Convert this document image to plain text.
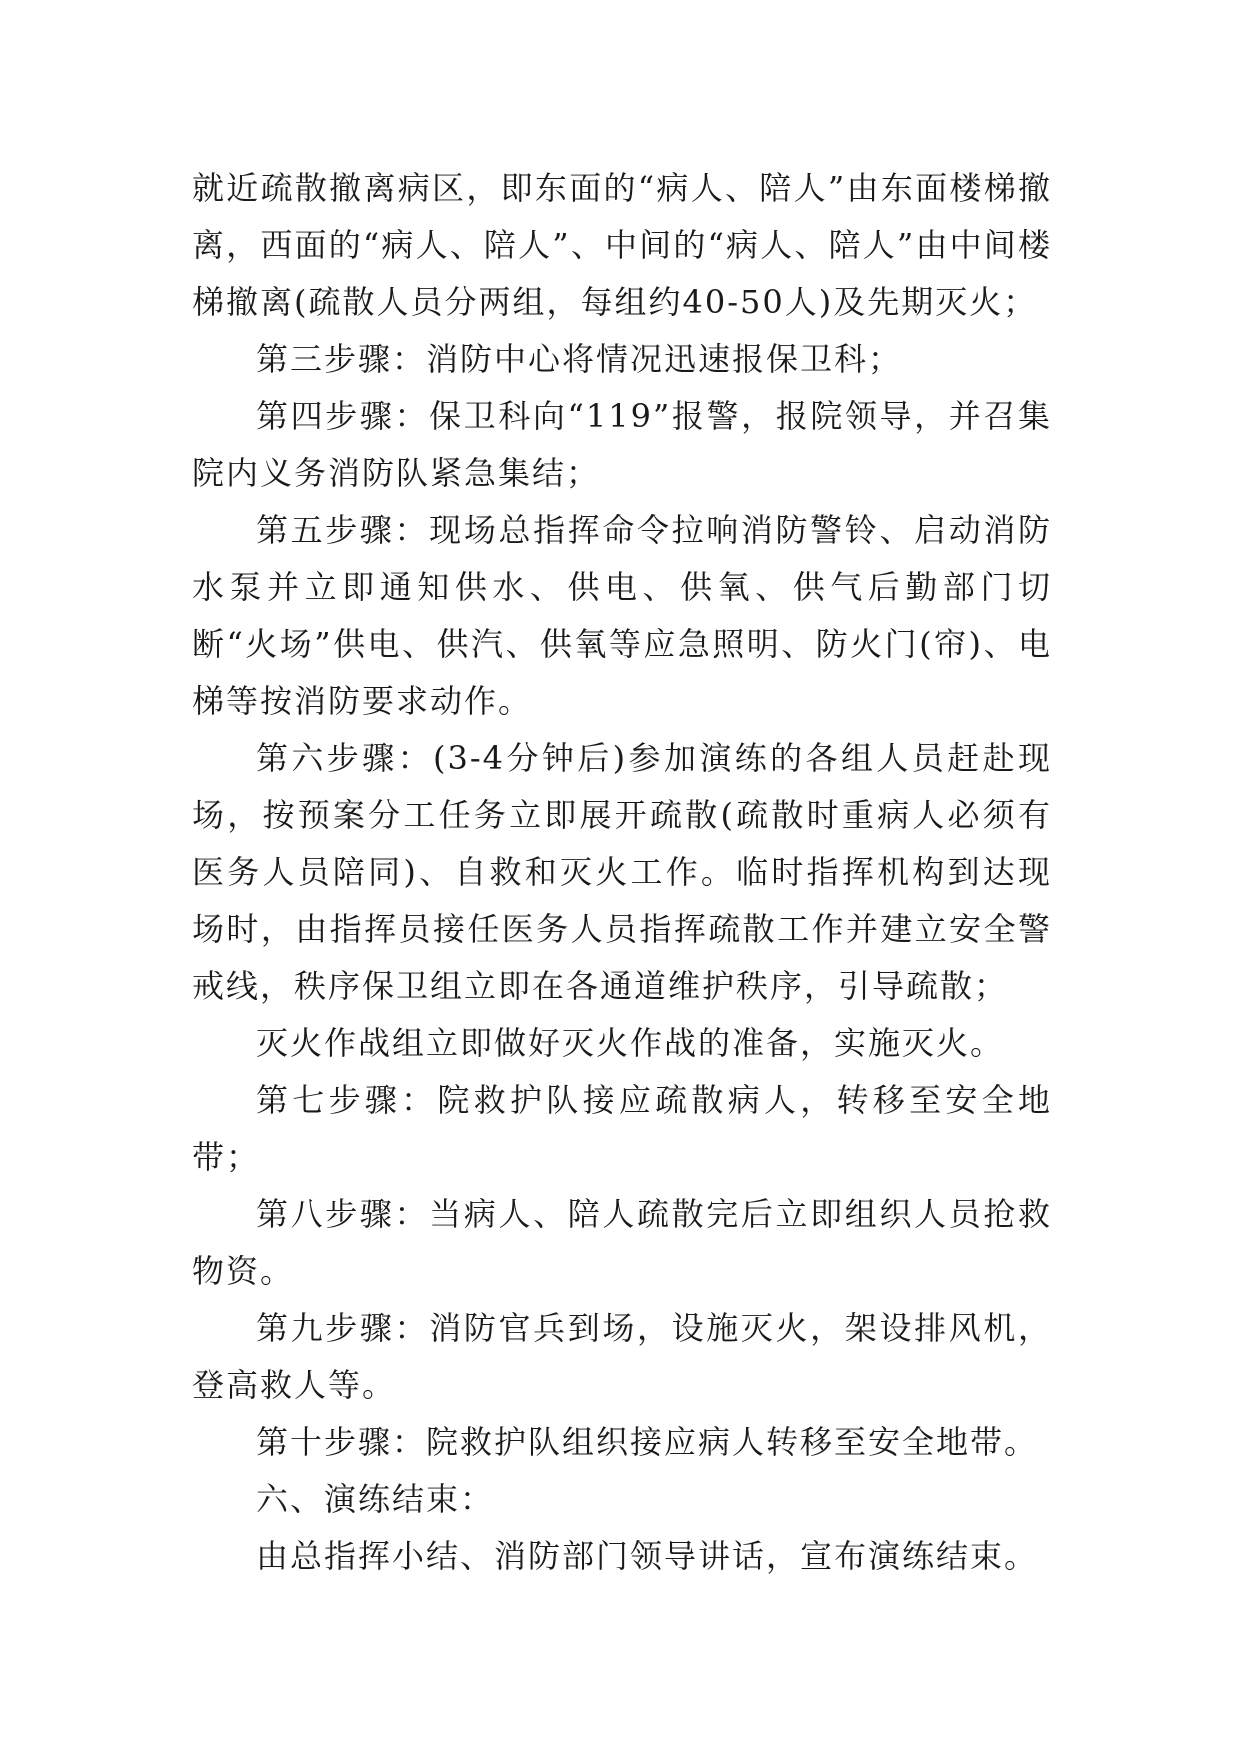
就近疏散撤离病区，即东面的“病人、陪人”由东面楼梯撤离，西面的“病人、陪人”、中间的“病人、陪人”由中间楼梯撤离(疏散人员分两组，每组约40-50人)及先期灭火；

第三步骤：消防中心将情况迅速报保卫科；

第四步骤：保卫科向“119”报警，报院领导，并召集院内义务消防队紧急集结；

第五步骤：现场总指挥命令拉响消防警铃、启动消防水泵并立即通知供水、供电、供氧、供气后勤部门切断“火场”供电、供汽、供氧等应急照明、防火门(帘)、电梯等按消防要求动作。

第六步骤：(3-4分钟后)参加演练的各组人员赶赴现场，按预案分工任务立即展开疏散(疏散时重病人必须有医务人员陪同)、自救和灭火工作。临时指挥机构到达现场时，由指挥员接任医务人员指挥疏散工作并建立安全警戒线，秩序保卫组立即在各通道维护秩序，引导疏散；

灭火作战组立即做好灭火作战的准备，实施灭火。

第七步骤：院救护队接应疏散病人，转移至安全地带；

第八步骤：当病人、陪人疏散完后立即组织人员抢救物资。

第九步骤：消防官兵到场，设施灭火，架设排风机，登高救人等。

第十步骤：院救护队组织接应病人转移至安全地带。

六、演练结束：

由总指挥小结、消防部门领导讲话，宣布演练结束。
